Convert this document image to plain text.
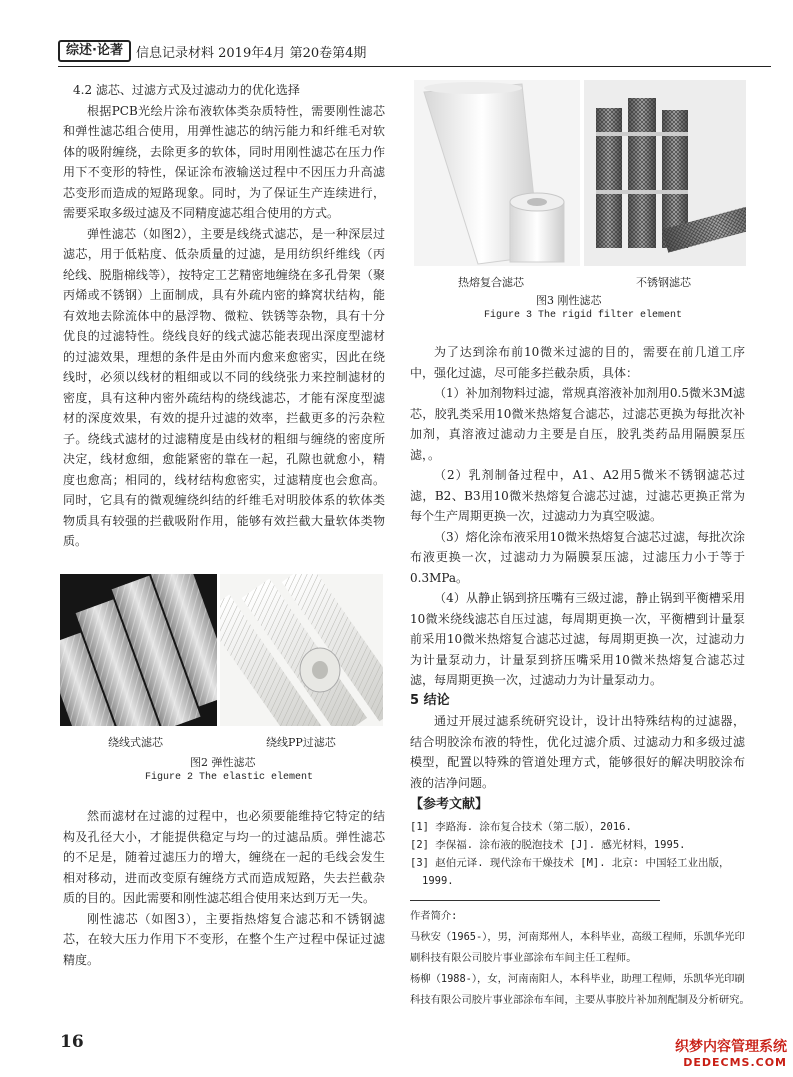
综述·论著	信息记录材料 2019年4月 第20卷第4期
4.2 滤芯、过滤方式及过滤动力的优化选择

根据PCB光绘片涂布液软体类杂质特性，需要刚性滤芯和弹性滤芯组合使用，用弹性滤芯的纳污能力和纤维毛对软体的吸附缠绕，去除更多的软体，同时用刚性滤芯在压力作用下不变形的特性，保证涂布液输送过程中不因压力升高滤芯变形而造成的短路现象。同时，为了保证生产连续进行，需要采取多级过滤及不同精度滤芯组合使用的方式。

弹性滤芯（如图2），主要是线绕式滤芯，是一种深层过滤芯，用于低粘度、低杂质量的过滤，是用纺织纤维线（丙纶线、脱脂棉线等），按特定工艺精密地缠绕在多孔骨架（聚丙烯或不锈钢）上面制成，具有外疏内密的蜂窝状结构，能有效地去除流体中的悬浮物、微粒、铁锈等杂物，具有十分优良的过滤特性。绕线良好的线式滤芯能表现出深度型滤材的过滤效果，理想的条件是由外而内愈来愈密实，因此在绕线时，必须以线材的粗细或以不同的线绕张力来控制滤材的密度，具有这种内密外疏结构的绕线滤芯，才能有深度型滤材的深度效果，有效的提升过滤的效率，拦截更多的污杂粒子。绕线式滤材的过滤精度是由线材的粗细与缠绕的密度所决定，线材愈细，愈能紧密的靠在一起，孔隙也就愈小，精度也愈高；相同的，线材结构愈密实，过滤精度也会愈高。同时，它具有的微观缠绕纠结的纤维毛对明胶体系的软体类物质具有较强的拦截吸附作用，能够有效拦截大量软体类物质。

绕线式滤芯	绕线PP过滤芯
图2 弹性滤芯
Figure 2 The elastic element

然而滤材在过滤的过程中，也必须要能维持它特定的结构及孔径大小，才能提供稳定与均一的过滤品质。弹性滤芯的不足是，随着过滤压力的增大，缠绕在一起的毛线会发生相对移动，进而改变原有缠绕方式而造成短路，失去拦截杂质的目的。因此需要和刚性滤芯组合使用来达到万无一失。

刚性滤芯（如图3），主要指热熔复合滤芯和不锈钢滤芯，在较大压力作用下不变形，在整个生产过程中保证过滤精度。

热熔复合滤芯	不锈钢滤芯
图3 刚性滤芯
Figure 3 The rigid filter element

为了达到涂布前10微米过滤的目的，需要在前几道工序中，强化过滤，尽可能多拦截杂质，具体：

（1）补加剂物料过滤，常规真溶液补加剂用0.5微米3M滤芯，胶乳类采用10微米热熔复合滤芯，过滤芯更换为每批次补加剂，真溶液过滤动力主要是自压，胶乳类药品用隔膜泵压滤，。

（2）乳剂制备过程中，A1、A2用5微米不锈钢滤芯过滤，B2、B3用10微米热熔复合滤芯过滤，过滤芯更换正常为每个生产周期更换一次，过滤动力为真空吸滤。

（3）熔化涂布液采用10微米热熔复合滤芯过滤，每批次涂布液更换一次，过滤动力为隔膜泵压滤，过滤压力小于等于0.3MPa。

（4）从静止锅到挤压嘴有三级过滤，静止锅到平衡槽采用10微米绕线滤芯自压过滤，每周期更换一次，平衡槽到计量泵前采用10微米热熔复合滤芯过滤，每周期更换一次，过滤动力为计量泵动力，计量泵到挤压嘴采用10微米热熔复合滤芯过滤，每周期更换一次，过滤动力为计量泵动力。

5 结论

通过开展过滤系统研究设计，设计出特殊结构的过滤器，结合明胶涂布液的特性，优化过滤介质、过滤动力和多级过滤模型，配置以特殊的管道处理方式，能够很好的解决明胶涂布液的洁净问题。

【参考文献】
[1] 李路海. 涂布复合技术（第二版），2016.
[2] 李保福. 涂布液的脱泡技术 [J]. 感光材料，1995.
[3] 赵伯元译. 现代涂布干燥技术 [M]. 北京: 中国轻工业出版，
1999.
作者简介:
马秋安（1965-），男，河南郑州人，本科毕业，高级工程师，乐凯华光印刷科技有限公司胶片事业部涂布车间主任工程师。
杨柳（1988-），女，河南南阳人，本科毕业，助理工程师，乐凯华光印刷科技有限公司胶片事业部涂布车间，主要从事胶片补加剂配制及分析研究。
16	织梦内容管理系统
DEDECMS.COM
